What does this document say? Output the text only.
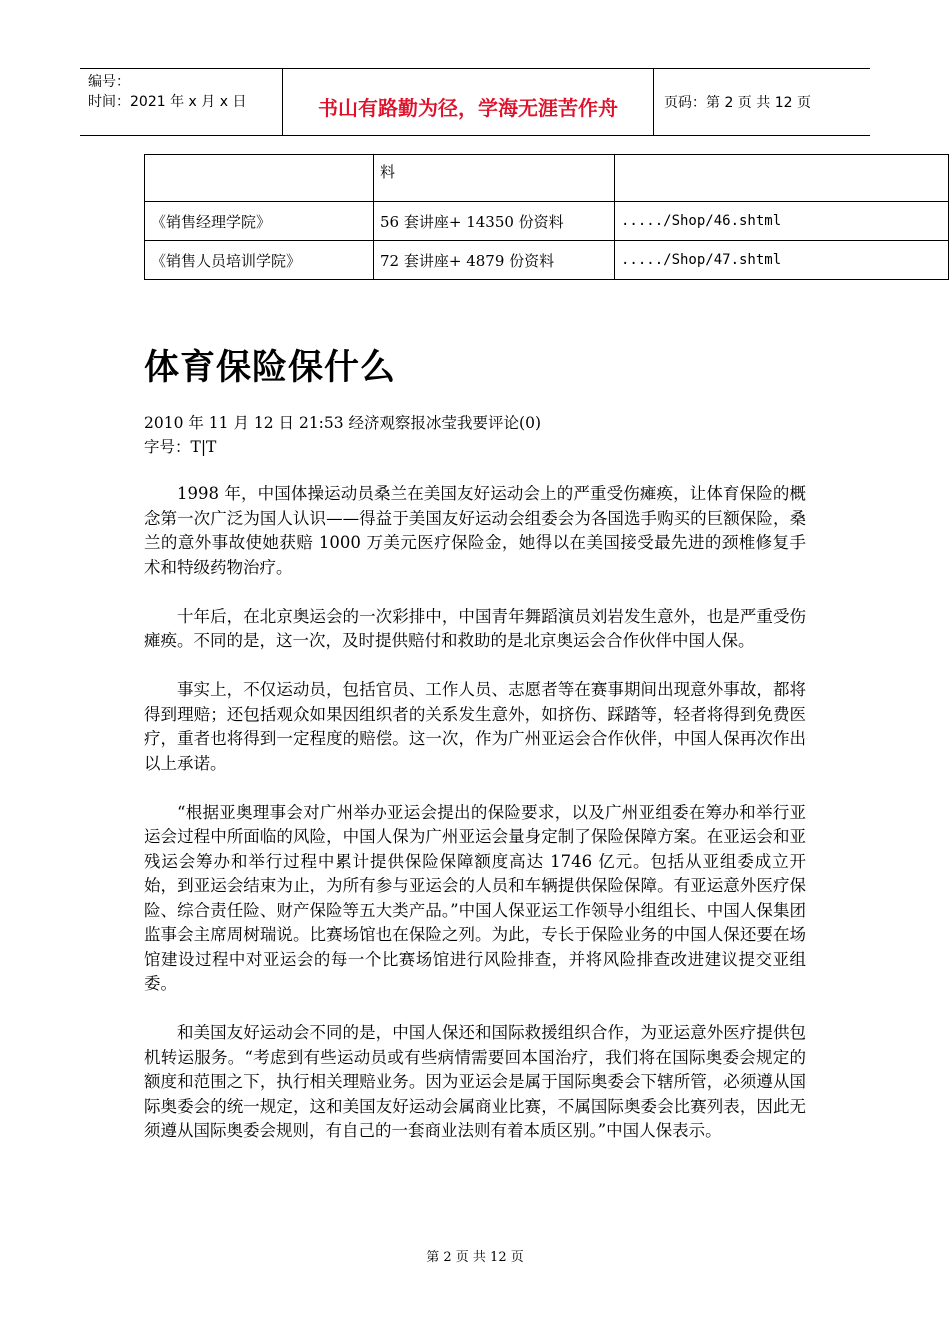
编号：
时间：2021 年 x 月 x 日	书山有路勤为径，学海无涯苦作舟	页码：第 2 页 共 12 页
	料	
《销售经理学院》	56 套讲座+ 14350 份资料	...../Shop/46.shtml
《销售人员培训学院》	72 套讲座+ 4879 份资料	...../Shop/47.shtml
体育保险保什么
2010 年 11 月 12 日 21:53 经济观察报冰莹我要评论(0)
字号：T|T

1998 年，中国体操运动员桑兰在美国友好运动会上的严重受伤瘫痪，让体育保险的概念第一次广泛为国人认识——得益于美国友好运动会组委会为各国选手购买的巨额保险，桑兰的意外事故使她获赔 1000 万美元医疗保险金，她得以在美国接受最先进的颈椎修复手术和特级药物治疗。

十年后，在北京奥运会的一次彩排中，中国青年舞蹈演员刘岩发生意外，也是严重受伤瘫痪。不同的是，这一次，及时提供赔付和救助的是北京奥运会合作伙伴中国人保。

事实上，不仅运动员，包括官员、工作人员、志愿者等在赛事期间出现意外事故，都将得到理赔；还包括观众如果因组织者的关系发生意外，如挤伤、踩踏等，轻者将得到免费医疗，重者也将得到一定程度的赔偿。这一次，作为广州亚运会合作伙伴，中国人保再次作出以上承诺。

“根据亚奥理事会对广州举办亚运会提出的保险要求，以及广州亚组委在筹办和举行亚运会过程中所面临的风险，中国人保为广州亚运会量身定制了保险保障方案。在亚运会和亚残运会筹办和举行过程中累计提供保险保障额度高达 1746 亿元。包括从亚组委成立开始，到亚运会结束为止，为所有参与亚运会的人员和车辆提供保险保障。有亚运意外医疗保险、综合责任险、财产保险等五大类产品。”中国人保亚运工作领导小组组长、中国人保集团监事会主席周树瑞说。比赛场馆也在保险之列。为此，专长于保险业务的中国人保还要在场馆建设过程中对亚运会的每一个比赛场馆进行风险排查，并将风险排查改进建议提交亚组委。

和美国友好运动会不同的是，中国人保还和国际救援组织合作，为亚运意外医疗提供包机转运服务。“考虑到有些运动员或有些病情需要回本国治疗，我们将在国际奥委会规定的额度和范围之下，执行相关理赔业务。因为亚运会是属于国际奥委会下辖所管，必须遵从国际奥委会的统一规定，这和美国友好运动会属商业比赛，不属国际奥委会比赛列表，因此无须遵从国际奥委会规则，有自己的一套商业法则有着本质区别。”中国人保表示。

第 2 页 共 12 页
